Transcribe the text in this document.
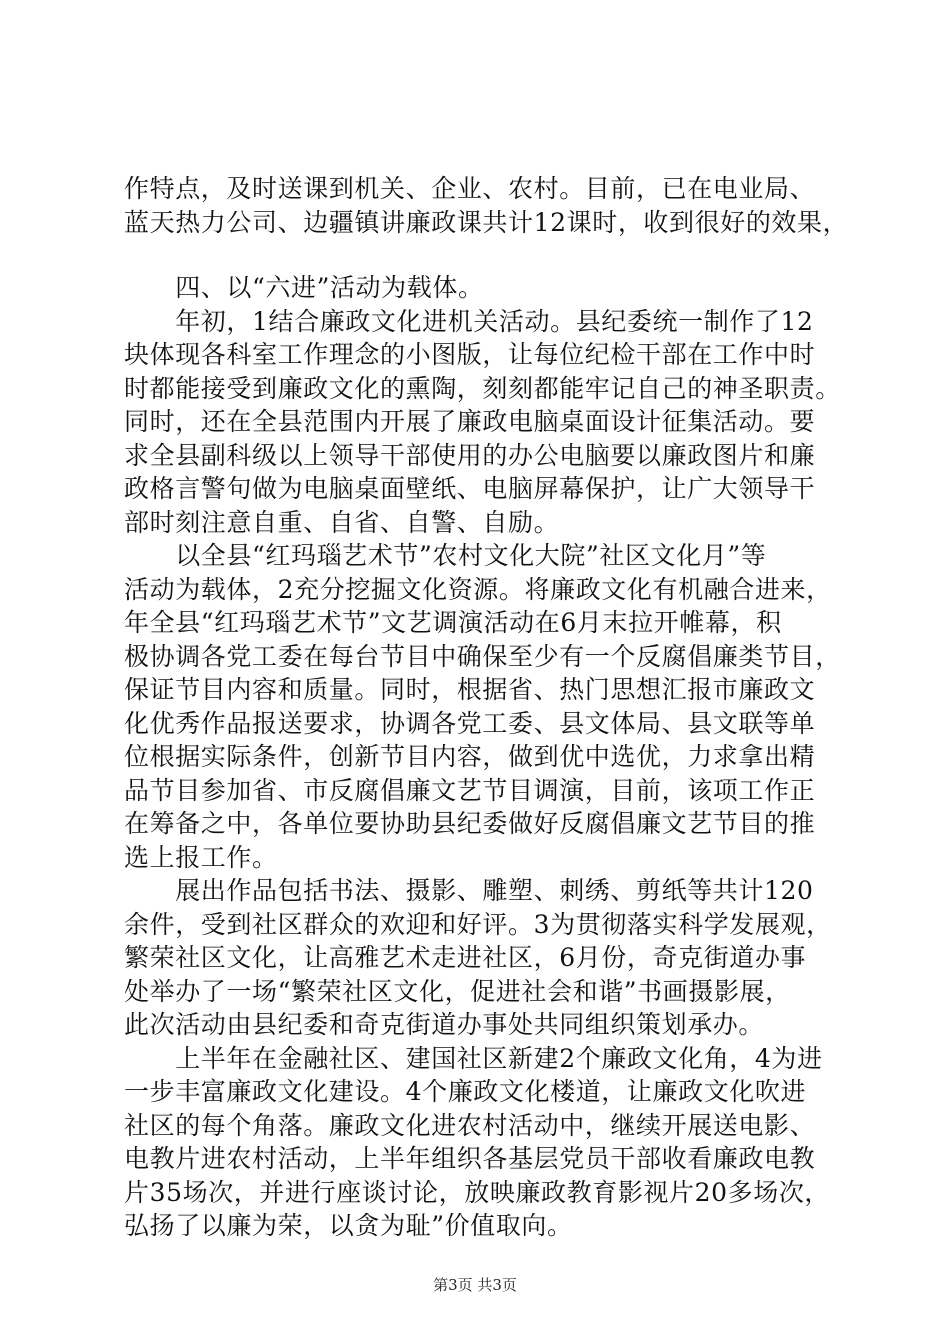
作特点，及时送课到机关、企业、农村。目前，已在电业局、
蓝天热力公司、边疆镇讲廉政课共计12课时，收到很好的效果，
　　四、以“六进”活动为载体。
　　年初，1结合廉政文化进机关活动。县纪委统一制作了12
块体现各科室工作理念的小图版，让每位纪检干部在工作中时
时都能接受到廉政文化的熏陶，刻刻都能牢记自己的神圣职责。
同时，还在全县范围内开展了廉政电脑桌面设计征集活动。要
求全县副科级以上领导干部使用的办公电脑要以廉政图片和廉
政格言警句做为电脑桌面壁纸、电脑屏幕保护，让广大领导干
部时刻注意自重、自省、自警、自励。
　　以全县“红玛瑙艺术节”农村文化大院”社区文化月”等
活动为载体，2充分挖掘文化资源。将廉政文化有机融合进来，
年全县“红玛瑙艺术节”文艺调演活动在6月末拉开帷幕，积
极协调各党工委在每台节目中确保至少有一个反腐倡廉类节目，
保证节目内容和质量。同时，根据省、热门思想汇报市廉政文
化优秀作品报送要求，协调各党工委、县文体局、县文联等单
位根据实际条件，创新节目内容，做到优中选优，力求拿出精
品节目参加省、市反腐倡廉文艺节目调演，目前，该项工作正
在筹备之中，各单位要协助县纪委做好反腐倡廉文艺节目的推
选上报工作。
　　展出作品包括书法、摄影、雕塑、刺绣、剪纸等共计120
余件，受到社区群众的欢迎和好评。3为贯彻落实科学发展观，
繁荣社区文化，让高雅艺术走进社区，6月份，奇克街道办事
处举办了一场“繁荣社区文化，促进社会和谐”书画摄影展，
此次活动由县纪委和奇克街道办事处共同组织策划承办。
　　上半年在金融社区、建国社区新建2个廉政文化角，4为进
一步丰富廉政文化建设。4个廉政文化楼道，让廉政文化吹进
社区的每个角落。廉政文化进农村活动中，继续开展送电影、
电教片进农村活动，上半年组织各基层党员干部收看廉政电教
片35场次，并进行座谈讨论，放映廉政教育影视片20多场次，
弘扬了以廉为荣，以贪为耻”价值取向。
第3页 共3页
